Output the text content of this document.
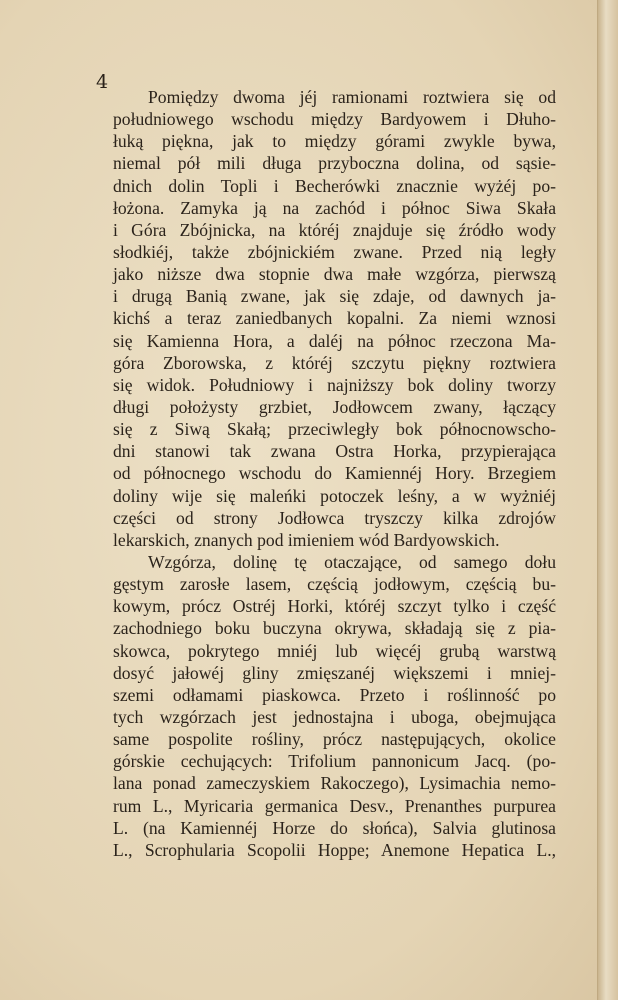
4
Pomiędzy dwoma jéj ramionami roztwiera się od
południowego wschodu między Bardyowem i Dłuho-
łuką piękna, jak to między górami zwykle bywa,
niemal pół mili długa przyboczna dolina, od sąsie-
dnich dolin Topli i Becherówki znacznie wyżéj po-
łożona. Zamyka ją na zachód i północ Siwa Skała
i Góra Zbójnicka, na któréj znajduje się źródło wody
słodkiéj, także zbójnickiém zwane. Przed nią legły
jako niższe dwa stopnie dwa małe wzgórza, pierwszą
i drugą Banią zwane, jak się zdaje, od dawnych ja-
kichś a teraz zaniedbanych kopalni. Za niemi wznosi
się Kamienna Hora, a daléj na północ rzeczona Ma-
góra Zborowska, z któréj szczytu piękny roztwiera
się widok. Południowy i najniższy bok doliny tworzy
długi położysty grzbiet, Jodłowcem zwany, łączący
się z Siwą Skałą; przeciwległy bok północnowscho-
dni stanowi tak zwana Ostra Horka, przypierająca
od północnego wschodu do Kamiennéj Hory. Brzegiem
doliny wije się maleńki potoczek leśny, a w wyżniéj
części od strony Jodłowca tryszczy kilka zdrojów
lekarskich, znanych pod imieniem wód Bardyowskich.
Wzgórza, dolinę tę otaczające, od samego dołu
gęstym zarosłe lasem, częścią jodłowym, częścią bu-
kowym, prócz Ostréj Horki, któréj szczyt tylko i część
zachodniego boku buczyna okrywa, składają się z pia-
skowca, pokrytego mniéj lub więcéj grubą warstwą
dosyć jałowéj gliny zmięszanéj większemi i mniej-
szemi odłamami piaskowca. Przeto i roślinność po
tych wzgórzach jest jednostajna i uboga, obejmująca
same pospolite rośliny, prócz następujących, okolice
górskie cechujących: Trifolium pannonicum Jacq. (po-
lana ponad zameczyskiem Rakoczego), Lysimachia nemo-
rum L., Myricaria germanica Desv., Prenanthes purpurea
L. (na Kamiennéj Horze do słońca), Salvia glutinosa
L., Scrophularia Scopolii Hoppe; Anemone Hepatica L.,
